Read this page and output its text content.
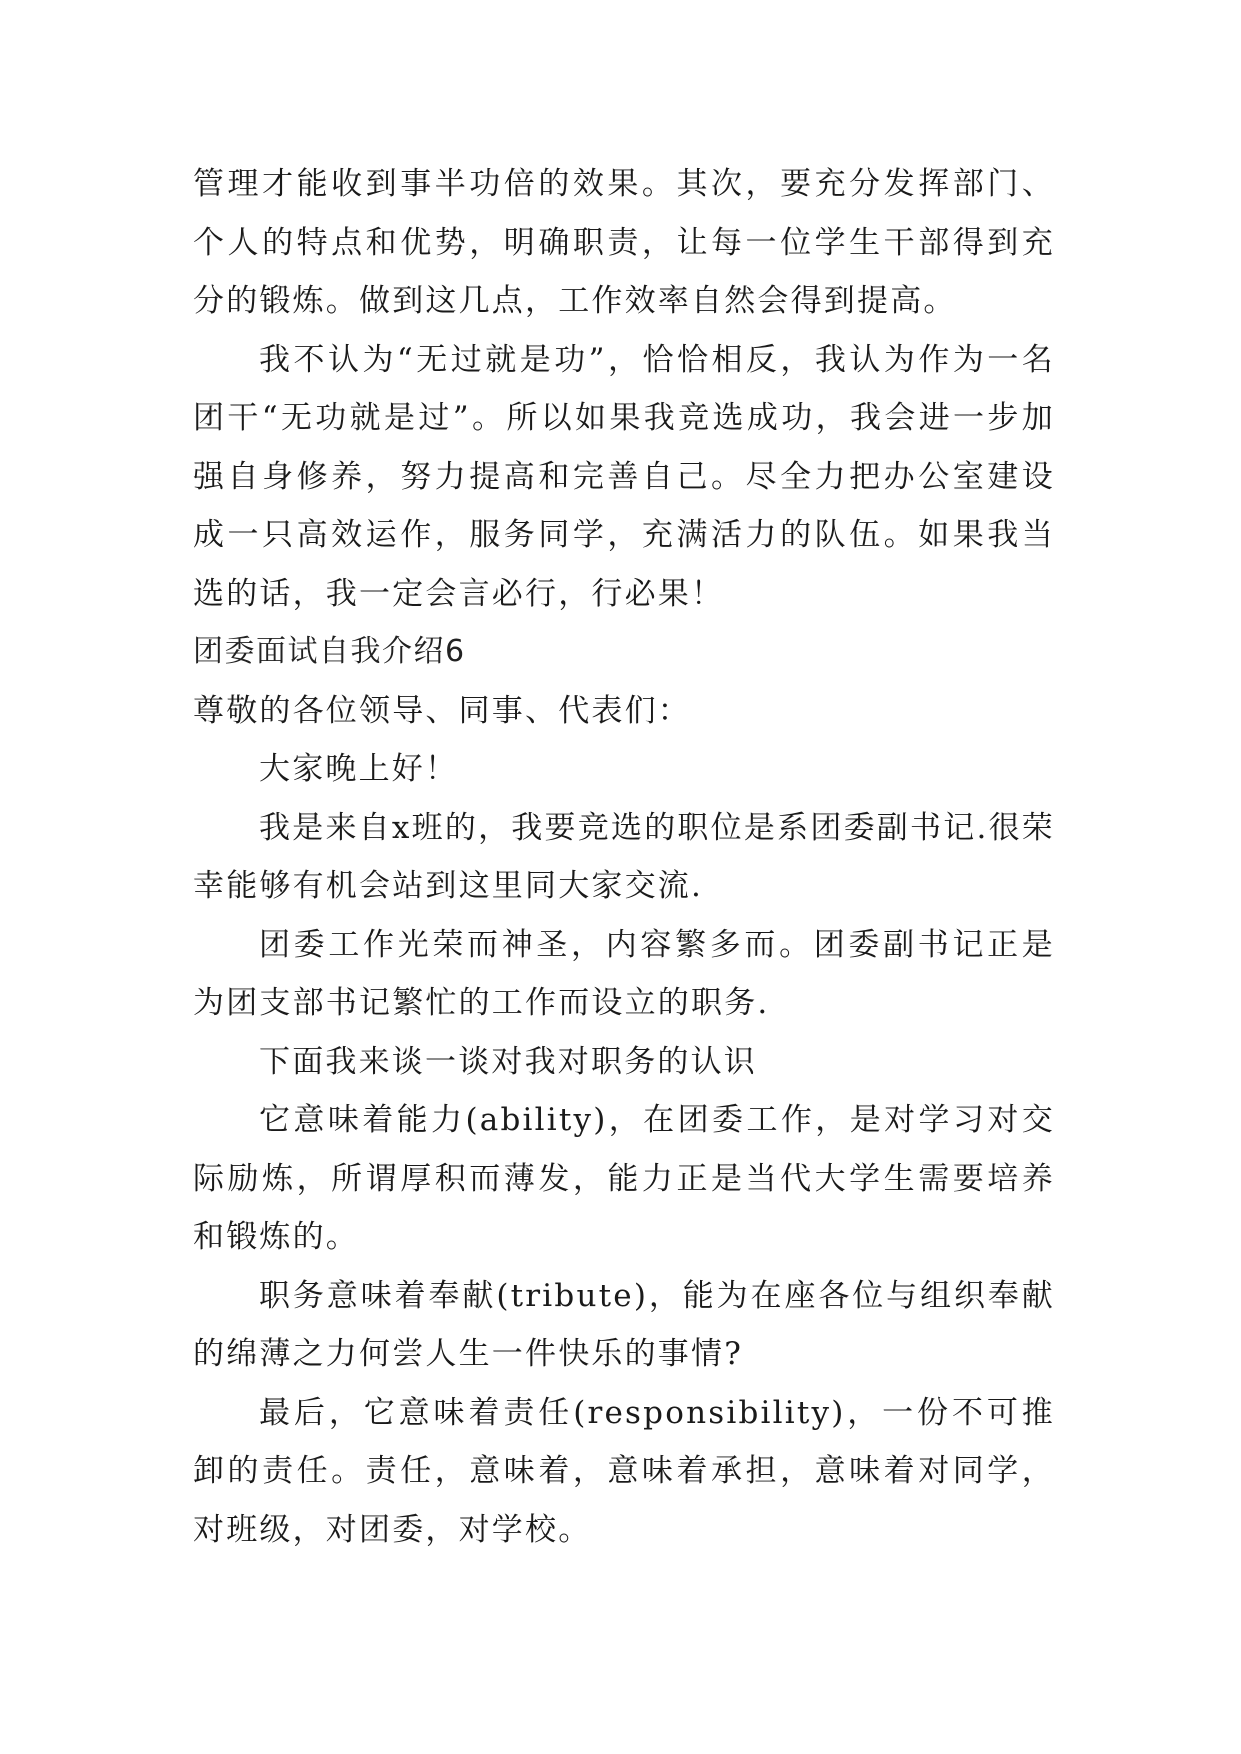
管理才能收到事半功倍的效果。其次，要充分发挥部门、个人的特点和优势，明确职责，让每一位学生干部得到充分的锻炼。做到这几点，工作效率自然会得到提高。

我不认为“无过就是功”，恰恰相反，我认为作为一名团干“无功就是过”。所以如果我竞选成功，我会进一步加强自身修养，努力提高和完善自己。尽全力把办公室建设成一只高效运作，服务同学，充满活力的队伍。如果我当选的话，我一定会言必行，行必果！

团委面试自我介绍6

尊敬的各位领导、同事、代表们：

大家晚上好！

我是来自x班的，我要竞选的职位是系团委副书记.很荣幸能够有机会站到这里同大家交流.

团委工作光荣而神圣，内容繁多而。团委副书记正是为团支部书记繁忙的工作而设立的职务.

下面我来谈一谈对我对职务的认识

它意味着能力(ability)，在团委工作，是对学习对交际励炼，所谓厚积而薄发，能力正是当代大学生需要培养和锻炼的。

职务意味着奉献(tribute)，能为在座各位与组织奉献的绵薄之力何尝人生一件快乐的事情?

最后，它意味着责任(responsibility)，一份不可推卸的责任。责任，意味着，意味着承担，意味着对同学，对班级，对团委，对学校。
